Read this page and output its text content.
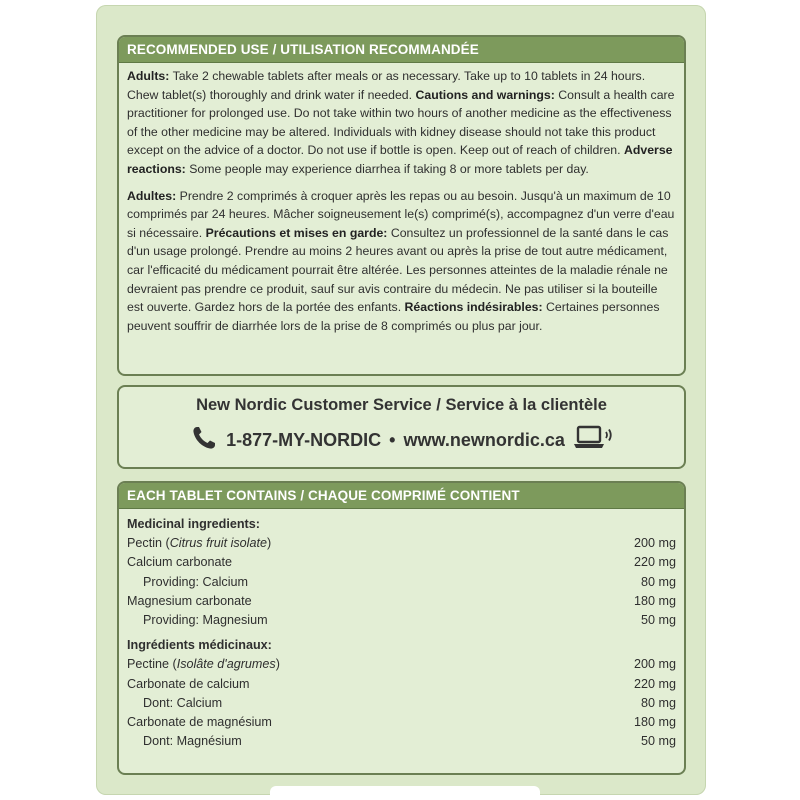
RECOMMENDED USE / UTILISATION RECOMMANDÉE

Adults: Take 2 chewable tablets after meals or as necessary. Take up to 10 tablets in 24 hours. Chew tablet(s) thoroughly and drink water if needed. Cautions and warnings: Consult a health care practitioner for prolonged use. Do not take within two hours of another medicine as the effectiveness of the other medicine may be altered. Individuals with kidney disease should not take this product except on the advice of a doctor. Do not use if bottle is open. Keep out of reach of children. Adverse reactions: Some people may experience diarrhea if taking 8 or more tablets per day.

Adultes: Prendre 2 comprimés à croquer après les repas ou au besoin. Jusqu'à un maximum de 10 comprimés par 24 heures. Mâcher soigneusement le(s) comprimé(s), accompagnez d'un verre d'eau si nécessaire. Précautions et mises en garde: Consultez un professionnel de la santé dans le cas d'un usage prolongé. Prendre au moins 2 heures avant ou après la prise de tout autre médicament, car l'efficacité du médicament pourrait être altérée. Les personnes atteintes de la maladie rénale ne devraient pas prendre ce produit, sauf sur avis contraire du médecin. Ne pas utiliser si la bouteille est ouverte. Gardez hors de la portée des enfants. Réactions indésirables: Certaines personnes peuvent souffrir de diarrhée lors de la prise de 8 comprimés ou plus par jour.

New Nordic Customer Service / Service à la clientèle
1-877-MY-NORDIC • www.newnordic.ca
EACH TABLET CONTAINS / CHAQUE COMPRIMÉ CONTIENT
Medicinal ingredients:
Pectin (Citrus fruit isolate)	200 mg
Calcium carbonate	220 mg
Providing: Calcium	80 mg
Magnesium carbonate	180 mg
Providing: Magnesium	50 mg
Ingrédients médicinaux:
Pectine (Isolâte d'agrumes)	200 mg
Carbonate de calcium	220 mg
Dont: Calcium	80 mg
Carbonate de magnésium	180 mg
Dont: Magnésium	50 mg
